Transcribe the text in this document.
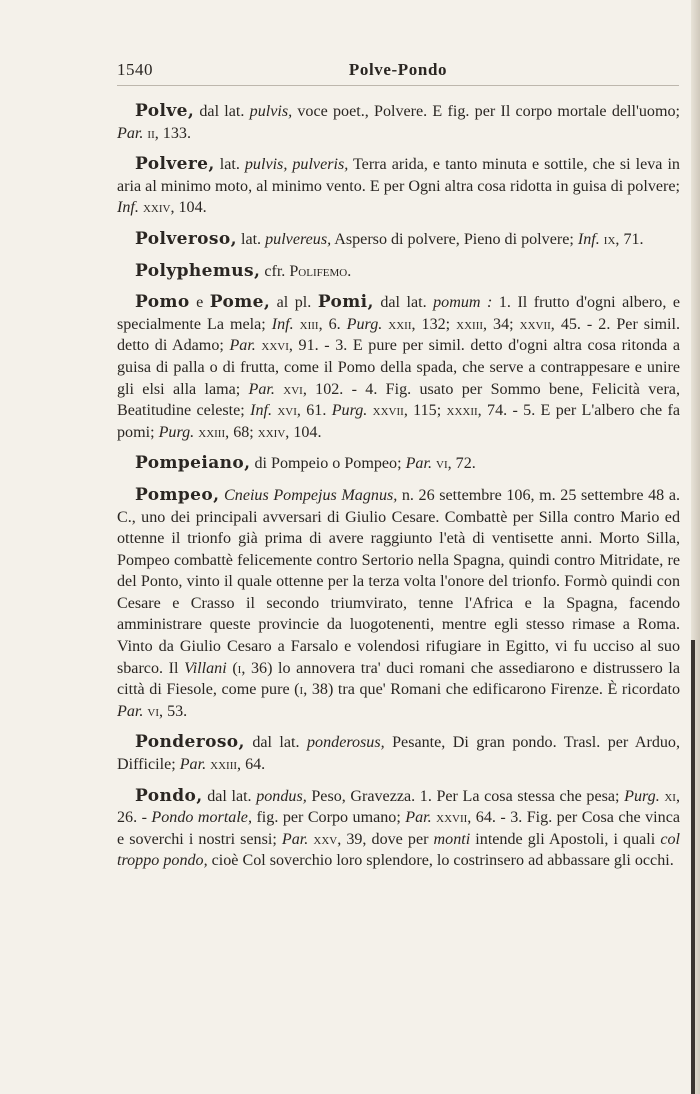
1540	Polve-Pondo

Polve, dal lat. pulvis, voce poet., Polvere. E fig. per Il corpo mortale dell'uomo; Par. ii, 133.

Polvere, lat. pulvis, pulveris, Terra arida, e tanto minuta e sottile, che si leva in aria al minimo moto, al minimo vento. E per Ogni altra cosa ridotta in guisa di polvere; Inf. xxiv, 104.

Polveroso, lat. pulvereus, Asperso di polvere, Pieno di polvere; Inf. ix, 71.

Polyphemus, cfr. Polifemo.

Pomo e Pome, al pl. Pomi, dal lat. pomum : 1. Il frutto d'ogni albero, e specialmente La mela; Inf. xiii, 6. Purg. xxii, 132; xxiii, 34; xxvii, 45. - 2. Per simil. detto di Adamo; Par. xxvi, 91. - 3. E pure per simil. detto d'ogni altra cosa ritonda a guisa di palla o di frutta, come il Pomo della spada, che serve a contrappesare e unire gli elsi alla lama; Par. xvi, 102. - 4. Fig. usato per Sommo bene, Felicità vera, Beatitudine celeste; Inf. xvi, 61. Purg. xxvii, 115; xxxii, 74. - 5. E per L'albero che fa pomi; Purg. xxiii, 68; xxiv, 104.

Pompeiano, di Pompeio o Pompeo; Par. vi, 72.

Pompeo, Cneius Pompejus Magnus, n. 26 settembre 106, m. 25 settembre 48 a. C., uno dei principali avversari di Giulio Cesare. Combattè per Silla contro Mario ed ottenne il trionfo già prima di avere raggiunto l'età di ventisette anni. Morto Silla, Pompeo combattè felicemente contro Sertorio nella Spagna, quindi contro Mitridate, re del Ponto, vinto il quale ottenne per la terza volta l'onore del trionfo. Formò quindi con Cesare e Crasso il secondo triumvirato, tenne l'Africa e la Spagna, facendo amministrare queste provincie da luogotenenti, mentre egli stesso rimase a Roma. Vinto da Giulio Cesaro a Farsalo e volendosi rifugiare in Egitto, vi fu ucciso al suo sbarco. Il Villani (i, 36) lo annovera tra' duci romani che assediarono e distrussero la città di Fiesole, come pure (i, 38) tra que' Romani che edificarono Firenze. È ricordato Par. vi, 53.

Ponderoso, dal lat. ponderosus, Pesante, Di gran pondo. Trasl. per Arduo, Difficile; Par. xxiii, 64.

Pondo, dal lat. pondus, Peso, Gravezza. 1. Per La cosa stessa che pesa; Purg. xi, 26. - Pondo mortale, fig. per Corpo umano; Par. xxvii, 64. - 3. Fig. per Cosa che vinca e soverchi i nostri sensi; Par. xxv, 39, dove per monti intende gli Apostoli, i quali col troppo pondo, cioè Col soverchio loro splendore, lo costrinsero ad abbassare gli occhi.
